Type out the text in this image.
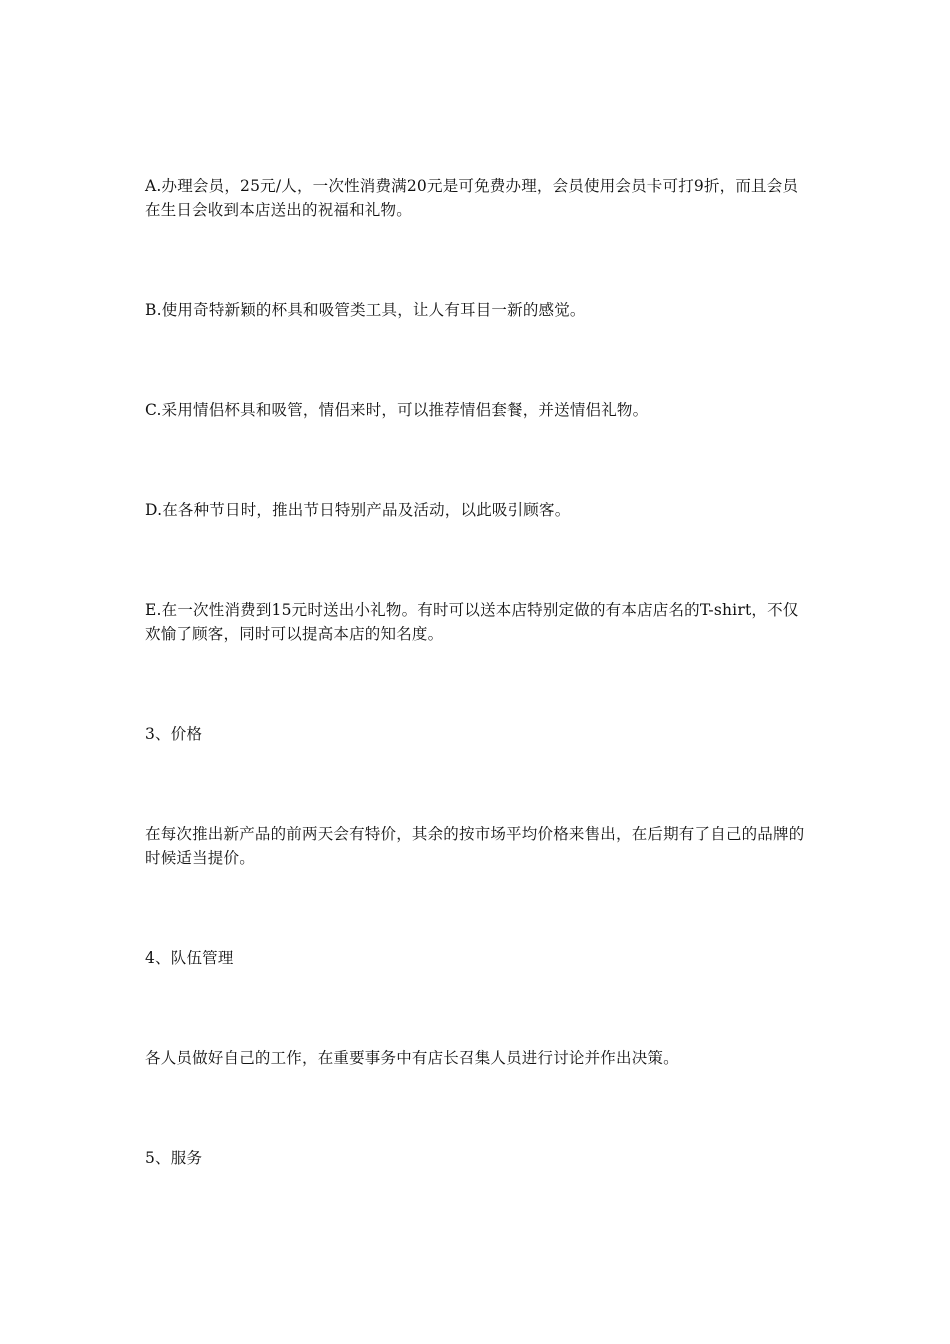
A.办理会员，25元/人，一次性消费满20元是可免费办理，会员使用会员卡可打9折，而且会员在生日会收到本店送出的祝福和礼物。

B.使用奇特新颖的杯具和吸管类工具，让人有耳目一新的感觉。

C.采用情侣杯具和吸管，情侣来时，可以推荐情侣套餐，并送情侣礼物。

D.在各种节日时，推出节日特别产品及活动，以此吸引顾客。

E.在一次性消费到15元时送出小礼物。有时可以送本店特别定做的有本店店名的T-shirt，不仅欢愉了顾客，同时可以提高本店的知名度。

3、价格

在每次推出新产品的前两天会有特价，其余的按市场平均价格来售出，在后期有了自己的品牌的时候适当提价。

4、队伍管理

各人员做好自己的工作，在重要事务中有店长召集人员进行讨论并作出决策。

5、服务
